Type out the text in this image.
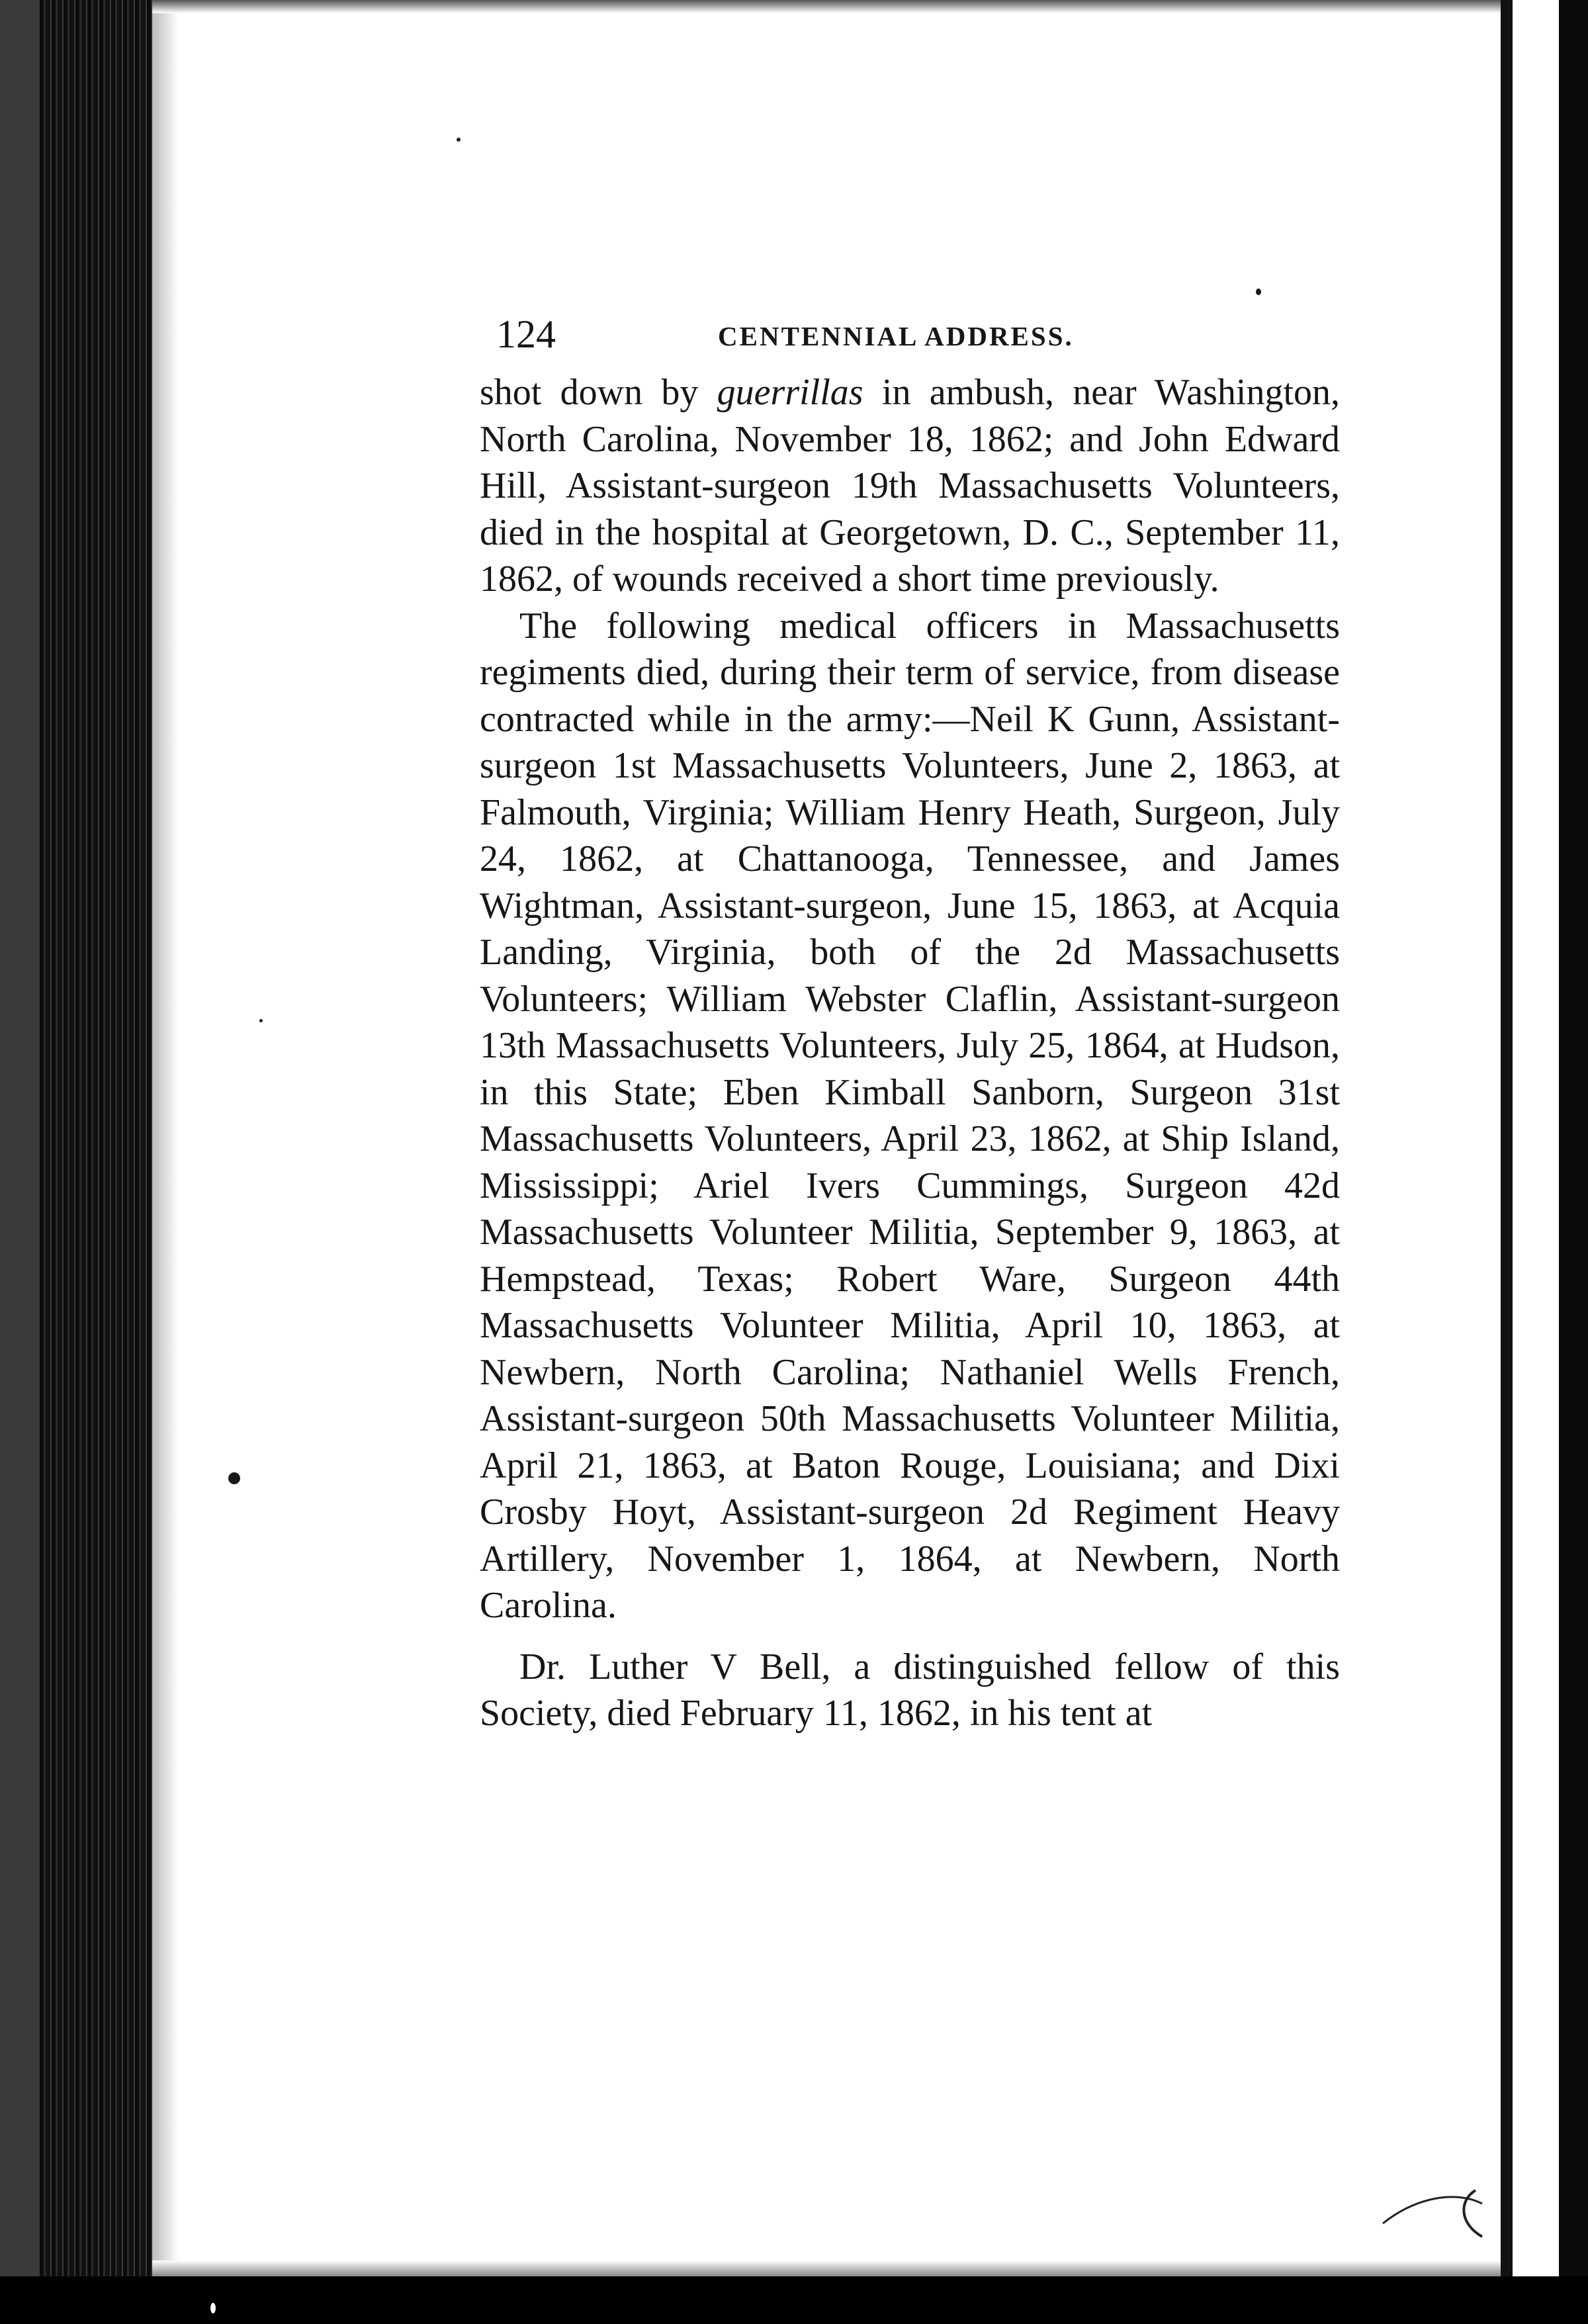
124	CENTENNIAL ADDRESS.

shot down by guerrillas in ambush, near Washington, North Carolina, November 18, 1862; and John Edward Hill, Assistant-surgeon 19th Massachusetts Volunteers, died in the hospital at Georgetown, D. C., September 11, 1862, of wounds received a short time previously.

The following medical officers in Massachusetts regiments died, during their term of service, from disease contracted while in the army:—Neil K Gunn, Assistant-surgeon 1st Massachusetts Volunteers, June 2, 1863, at Falmouth, Virginia; William Henry Heath, Surgeon, July 24, 1862, at Chattanooga, Tennessee, and James Wightman, Assistant-surgeon, June 15, 1863, at Acquia Landing, Virginia, both of the 2d Massachusetts Volunteers; William Webster Claflin, Assistant-surgeon 13th Massachusetts Volunteers, July 25, 1864, at Hudson, in this State; Eben Kimball Sanborn, Surgeon 31st Massachusetts Volunteers, April 23, 1862, at Ship Island, Mississippi; Ariel Ivers Cummings, Surgeon 42d Massachusetts Volunteer Militia, September 9, 1863, at Hempstead, Texas; Robert Ware, Surgeon 44th Massachusetts Volunteer Militia, April 10, 1863, at Newbern, North Carolina; Nathaniel Wells French, Assistant-surgeon 50th Massachusetts Volunteer Militia, April 21, 1863, at Baton Rouge, Louisiana; and Dixi Crosby Hoyt, Assistant-surgeon 2d Regiment Heavy Artillery, November 1, 1864, at Newbern, North Carolina.

Dr. Luther V Bell, a distinguished fellow of this Society, died February 11, 1862, in his tent at
